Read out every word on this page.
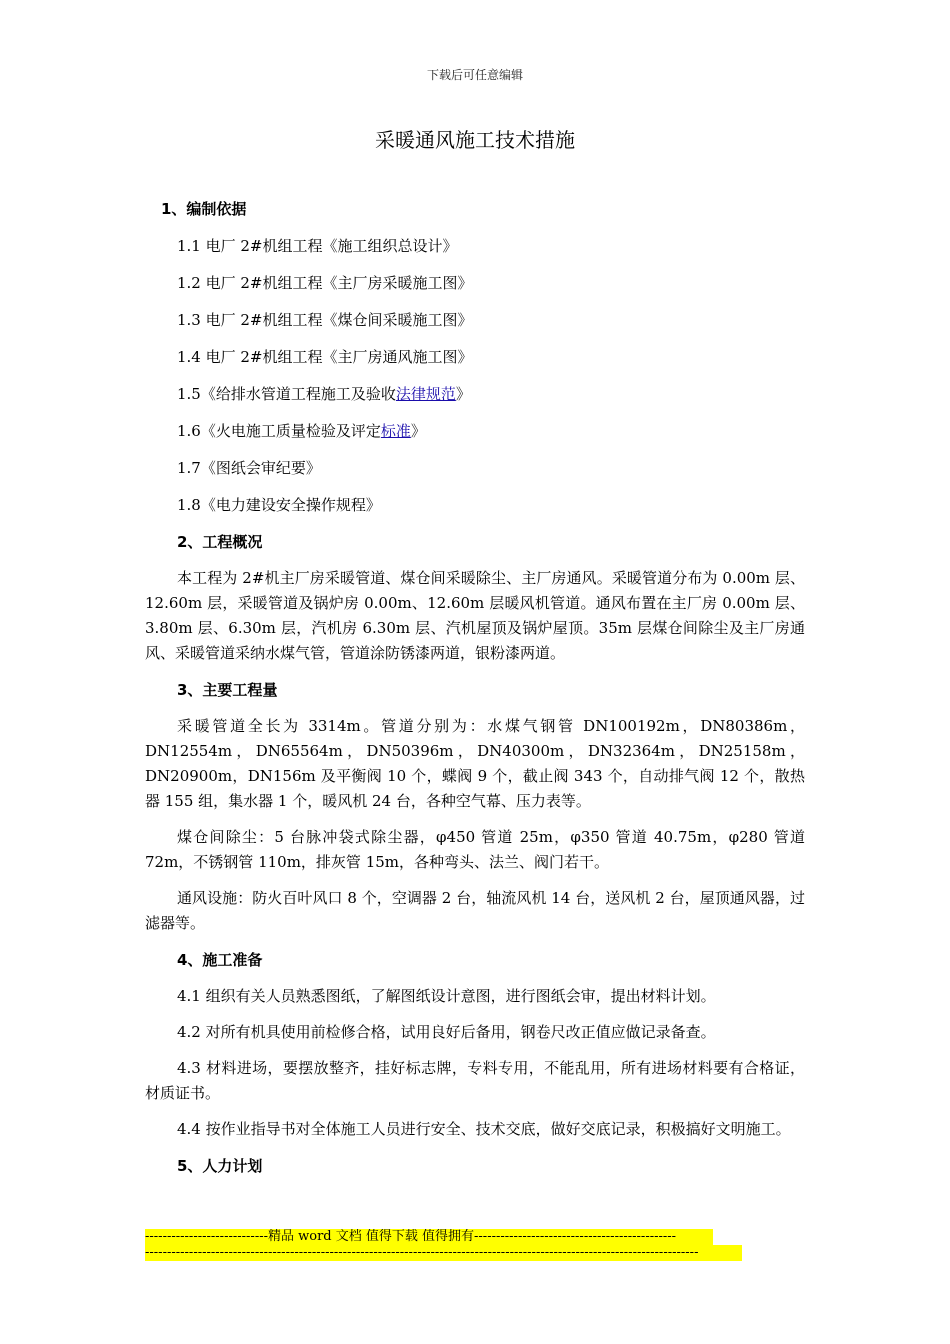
下载后可任意编辑
采暖通风施工技术措施

1、编制依据

1.1 电厂 2#机组工程《施工组织总设计》

1.2 电厂 2#机组工程《主厂房采暖施工图》

1.3 电厂 2#机组工程《煤仓间采暖施工图》

1.4 电厂 2#机组工程《主厂房通风施工图》

1.5《给排水管道工程施工及验收法律规范》

1.6《火电施工质量检验及评定标准》

1.7《图纸会审纪要》

1.8《电力建设安全操作规程》

2、工程概况

本工程为 2#机主厂房采暖管道、煤仓间采暖除尘、主厂房通风。采暖管道分布为 0.00m 层、12.60m 层，采暖管道及锅炉房 0.00m、12.60m 层暖风机管道。通风布置在主厂房 0.00m 层、3.80m 层、6.30m 层，汽机房 6.30m 层、汽机屋顶及锅炉屋顶。35m 层煤仓间除尘及主厂房通风、采暖管道采纳水煤气管，管道涂防锈漆两道，银粉漆两道。

3、主要工程量

采暖管道全长为 3314m。管道分别为：水煤气钢管 DN100192m，DN80386m，DN12554m，DN65564m，DN50396m，DN40300m，DN32364m，DN25158m，DN20900m，DN156m 及平衡阀 10 个，蝶阀 9 个，截止阀 343 个，自动排气阀 12 个，散热器 155 组，集水器 1 个，暖风机 24 台，各种空气幕、压力表等。

煤仓间除尘：5 台脉冲袋式除尘器，φ450 管道 25m，φ350 管道 40.75m，φ280 管道 72m，不锈钢管 110m，排灰管 15m，各种弯头、法兰、阀门若干。

通风设施：防火百叶风口 8 个，空调器 2 台，轴流风机 14 台，送风机 2 台，屋顶通风器，过滤器等。

4、施工准备

4.1 组织有关人员熟悉图纸，了解图纸设计意图，进行图纸会审，提出材料计划。

4.2 对所有机具使用前检修合格，试用良好后备用，钢卷尺改正值应做记录备查。

4.3 材料进场，要摆放整齐，挂好标志牌，专料专用，不能乱用，所有进场材料要有合格证，材质证书。

4.4 按作业指导书对全体施工人员进行安全、技术交底，做好交底记录，积极搞好文明施工。

5、人力计划

----------------------------精品 word 文档 值得下载 值得拥有----------------------------------------------
------------------------------------------------------------------------------------------------------------------------------
